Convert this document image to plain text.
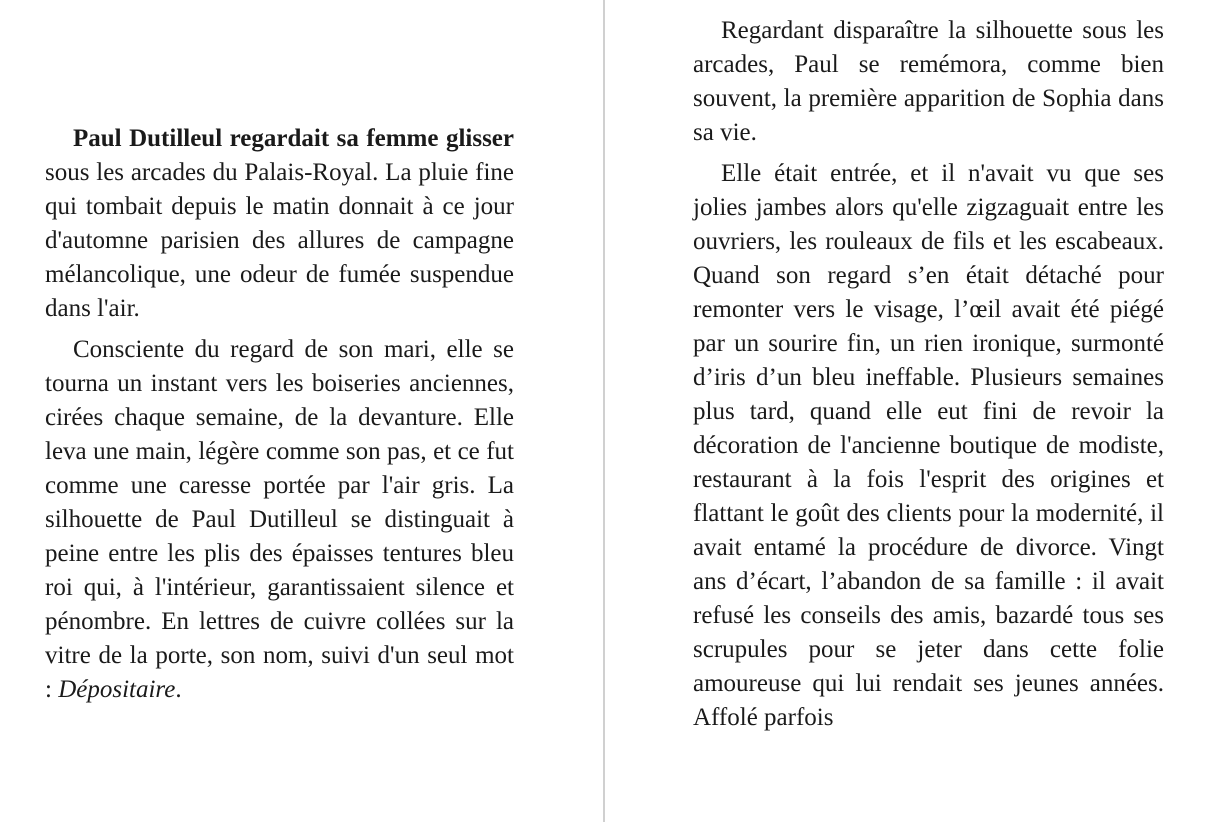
Paul Dutilleul regardait sa femme glisser sous les arcades du Palais-Royal. La pluie fine qui tombait depuis le matin donnait à ce jour d'automne parisien des allures de campagne mélancolique, une odeur de fumée suspendue dans l'air.

Consciente du regard de son mari, elle se tourna un instant vers les boiseries anciennes, cirées chaque semaine, de la devanture. Elle leva une main, légère comme son pas, et ce fut comme une caresse portée par l'air gris. La silhouette de Paul Dutilleul se distinguait à peine entre les plis des épaisses tentures bleu roi qui, à l'intérieur, garantissaient silence et pénombre. En lettres de cuivre collées sur la vitre de la porte, son nom, suivi d'un seul mot : Dépositaire.

Regardant disparaître la silhouette sous les arcades, Paul se remémora, comme bien souvent, la première apparition de Sophia dans sa vie.

Elle était entrée, et il n'avait vu que ses jolies jambes alors qu'elle zigzaguait entre les ouvriers, les rouleaux de fils et les escabeaux. Quand son regard s’en était détaché pour remonter vers le visage, l’œil avait été piégé par un sourire fin, un rien ironique, surmonté d’iris d’un bleu ineffable. Plusieurs semaines plus tard, quand elle eut fini de revoir la décoration de l'ancienne boutique de modiste, restaurant à la fois l'esprit des origines et flattant le goût des clients pour la modernité, il avait entamé la procédure de divorce. Vingt ans d’écart, l’abandon de sa famille : il avait refusé les conseils des amis, bazardé tous ses scrupules pour se jeter dans cette folie amoureuse qui lui rendait ses jeunes années. Affolé parfois
